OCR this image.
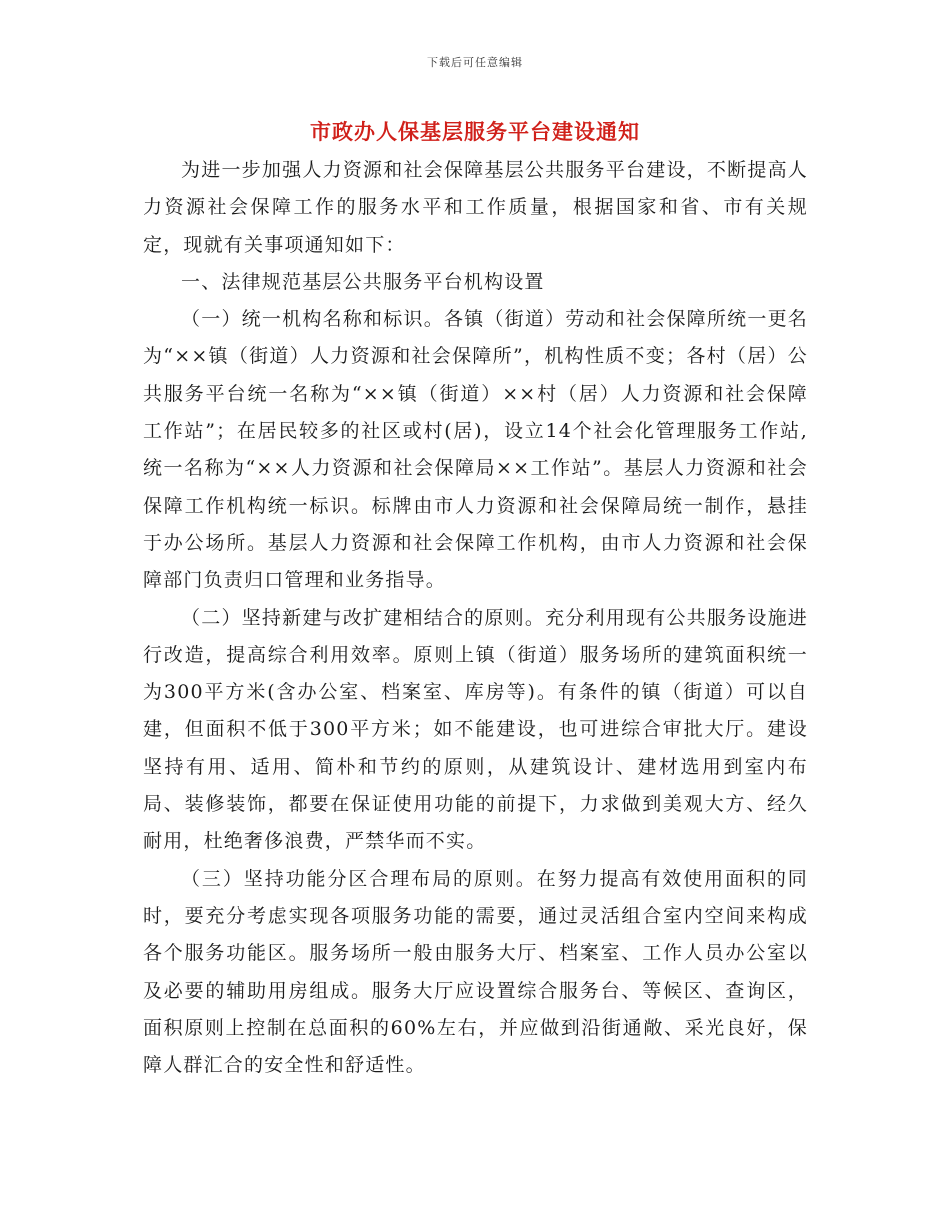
下载后可任意编辑
市政办人保基层服务平台建设通知

为进一步加强人力资源和社会保障基层公共服务平台建设，不断提高人力资源社会保障工作的服务水平和工作质量，根据国家和省、市有关规定，现就有关事项通知如下：

一、法律规范基层公共服务平台机构设置

（一）统一机构名称和标识。各镇（街道）劳动和社会保障所统一更名为“××镇（街道）人力资源和社会保障所”，机构性质不变；各村（居）公共服务平台统一名称为“××镇（街道）××村（居）人力资源和社会保障工作站”；在居民较多的社区或村(居)，设立14个社会化管理服务工作站,统一名称为“××人力资源和社会保障局××工作站”。基层人力资源和社会保障工作机构统一标识。标牌由市人力资源和社会保障局统一制作，悬挂于办公场所。基层人力资源和社会保障工作机构，由市人力资源和社会保障部门负责归口管理和业务指导。

（二）坚持新建与改扩建相结合的原则。充分利用现有公共服务设施进行改造，提高综合利用效率。原则上镇（街道）服务场所的建筑面积统一为300平方米(含办公室、档案室、库房等)。有条件的镇（街道）可以自建，但面积不低于300平方米；如不能建设，也可进综合审批大厅。建设坚持有用、适用、简朴和节约的原则，从建筑设计、建材选用到室内布局、装修装饰，都要在保证使用功能的前提下，力求做到美观大方、经久耐用，杜绝奢侈浪费，严禁华而不实。

（三）坚持功能分区合理布局的原则。在努力提高有效使用面积的同时，要充分考虑实现各项服务功能的需要，通过灵活组合室内空间来构成各个服务功能区。服务场所一般由服务大厅、档案室、工作人员办公室以及必要的辅助用房组成。服务大厅应设置综合服务台、等候区、查询区，面积原则上控制在总面积的60%左右，并应做到沿街通敞、采光良好，保障人群汇合的安全性和舒适性。
